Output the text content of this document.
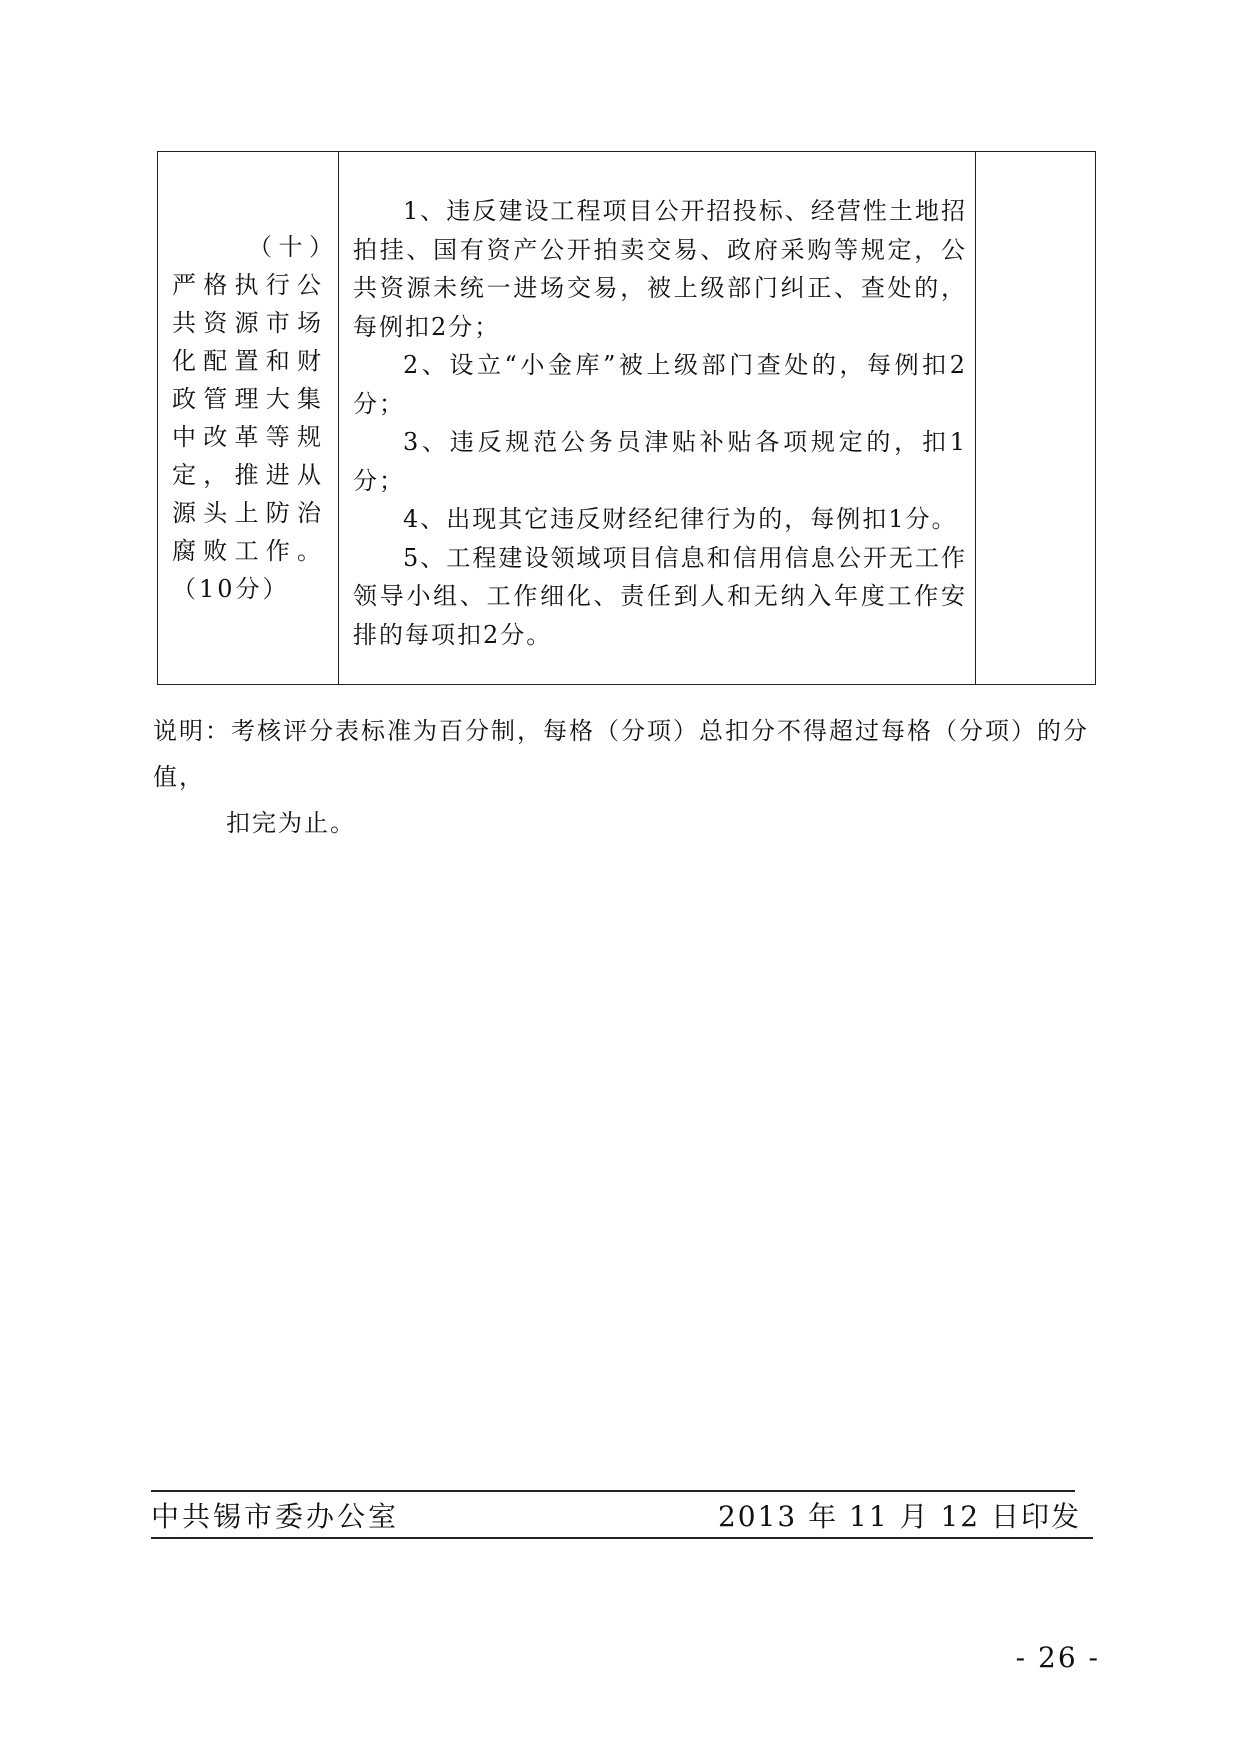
（十）严格执行公共资源市场化配置和财政管理大集中改革等规定，推进从源头上防治腐败工作。（10分）

1、违反建设工程项目公开招投标、经营性土地招拍挂、国有资产公开拍卖交易、政府采购等规定，公共资源未统一进场交易，被上级部门纠正、查处的，每例扣2分；

2、设立“小金库”被上级部门查处的，每例扣2分；

3、违反规范公务员津贴补贴各项规定的，扣1分；

4、出现其它违反财经纪律行为的，每例扣1分。

5、工程建设领域项目信息和信用信息公开无工作领导小组、工作细化、责任到人和无纳入年度工作安排的每项扣2分。

说明：考核评分表标准为百分制，每格（分项）总扣分不得超过每格（分项）的分值，
扣完为止。
中共锡市委办公室	2013 年 11 月 12 日印发
- 26 -
